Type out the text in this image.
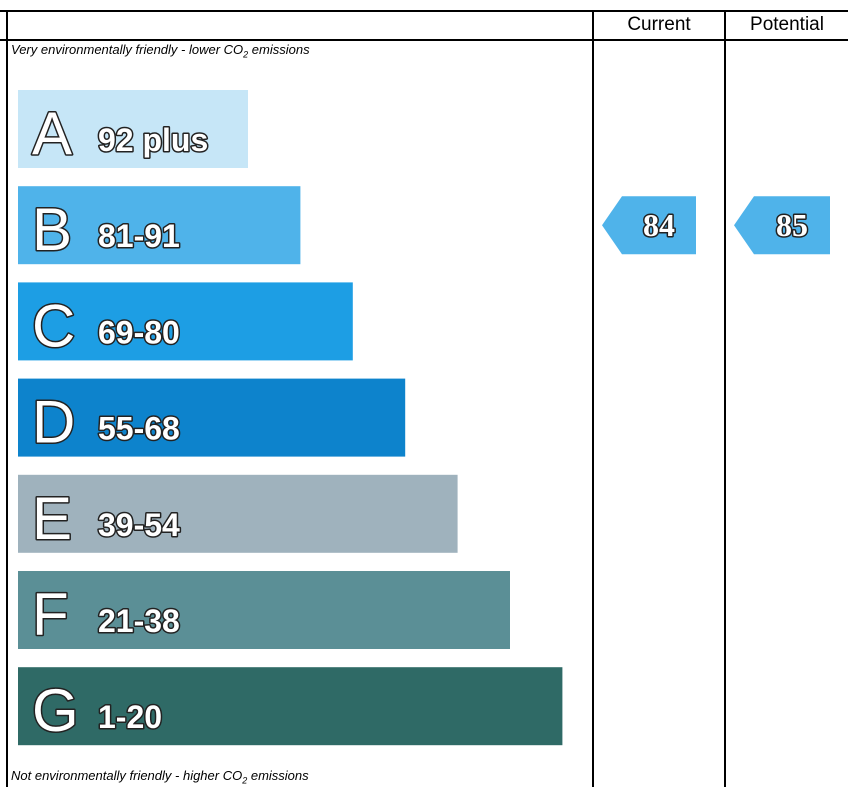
Current	Potential
Very environmentally friendly - lower $CO_2$ emissions
Not environmentally friendly - higher $CO_2$ emissions
A 92 plus
B 81-91
C 69-80
D 55-68
E 39-54
F 21-38
G 1-20
84	85
